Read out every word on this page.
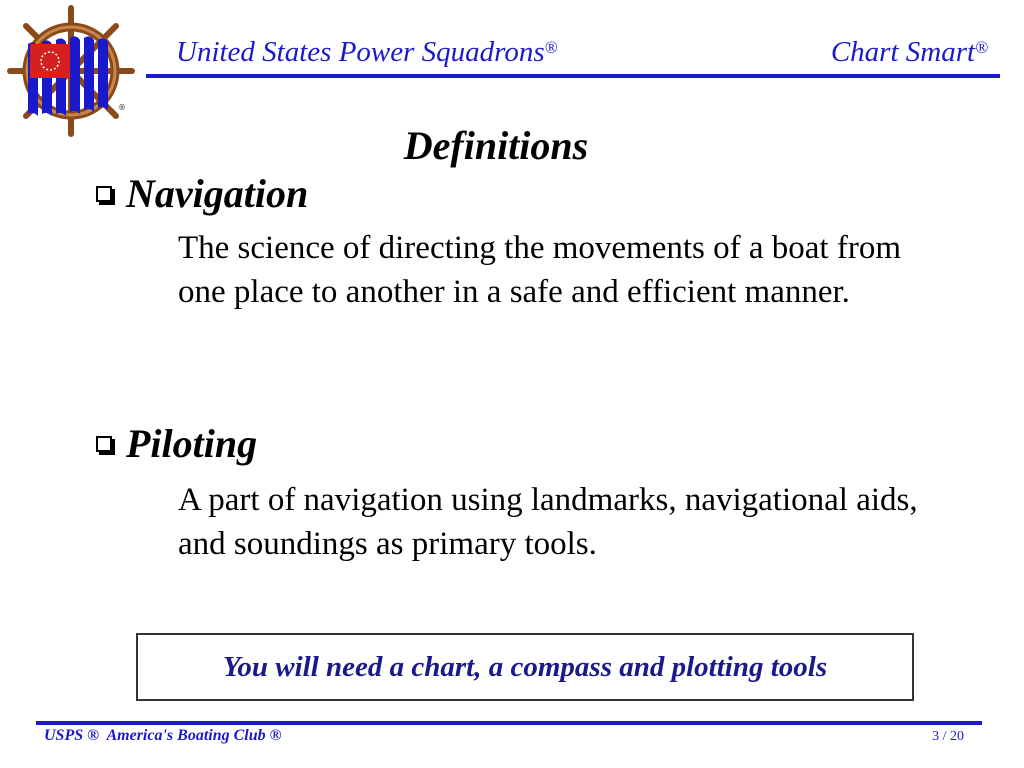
®
United States Power Squadrons®	Chart Smart®
Definitions
Navigation
The science of directing the movements of a boat from one place to another in a safe and efficient manner.
Piloting
A part of navigation using landmarks, navigational aids, and soundings as primary tools.
You will need a chart, a compass and plotting tools
USPS ®  America's Boating Club ®	3 / 20
